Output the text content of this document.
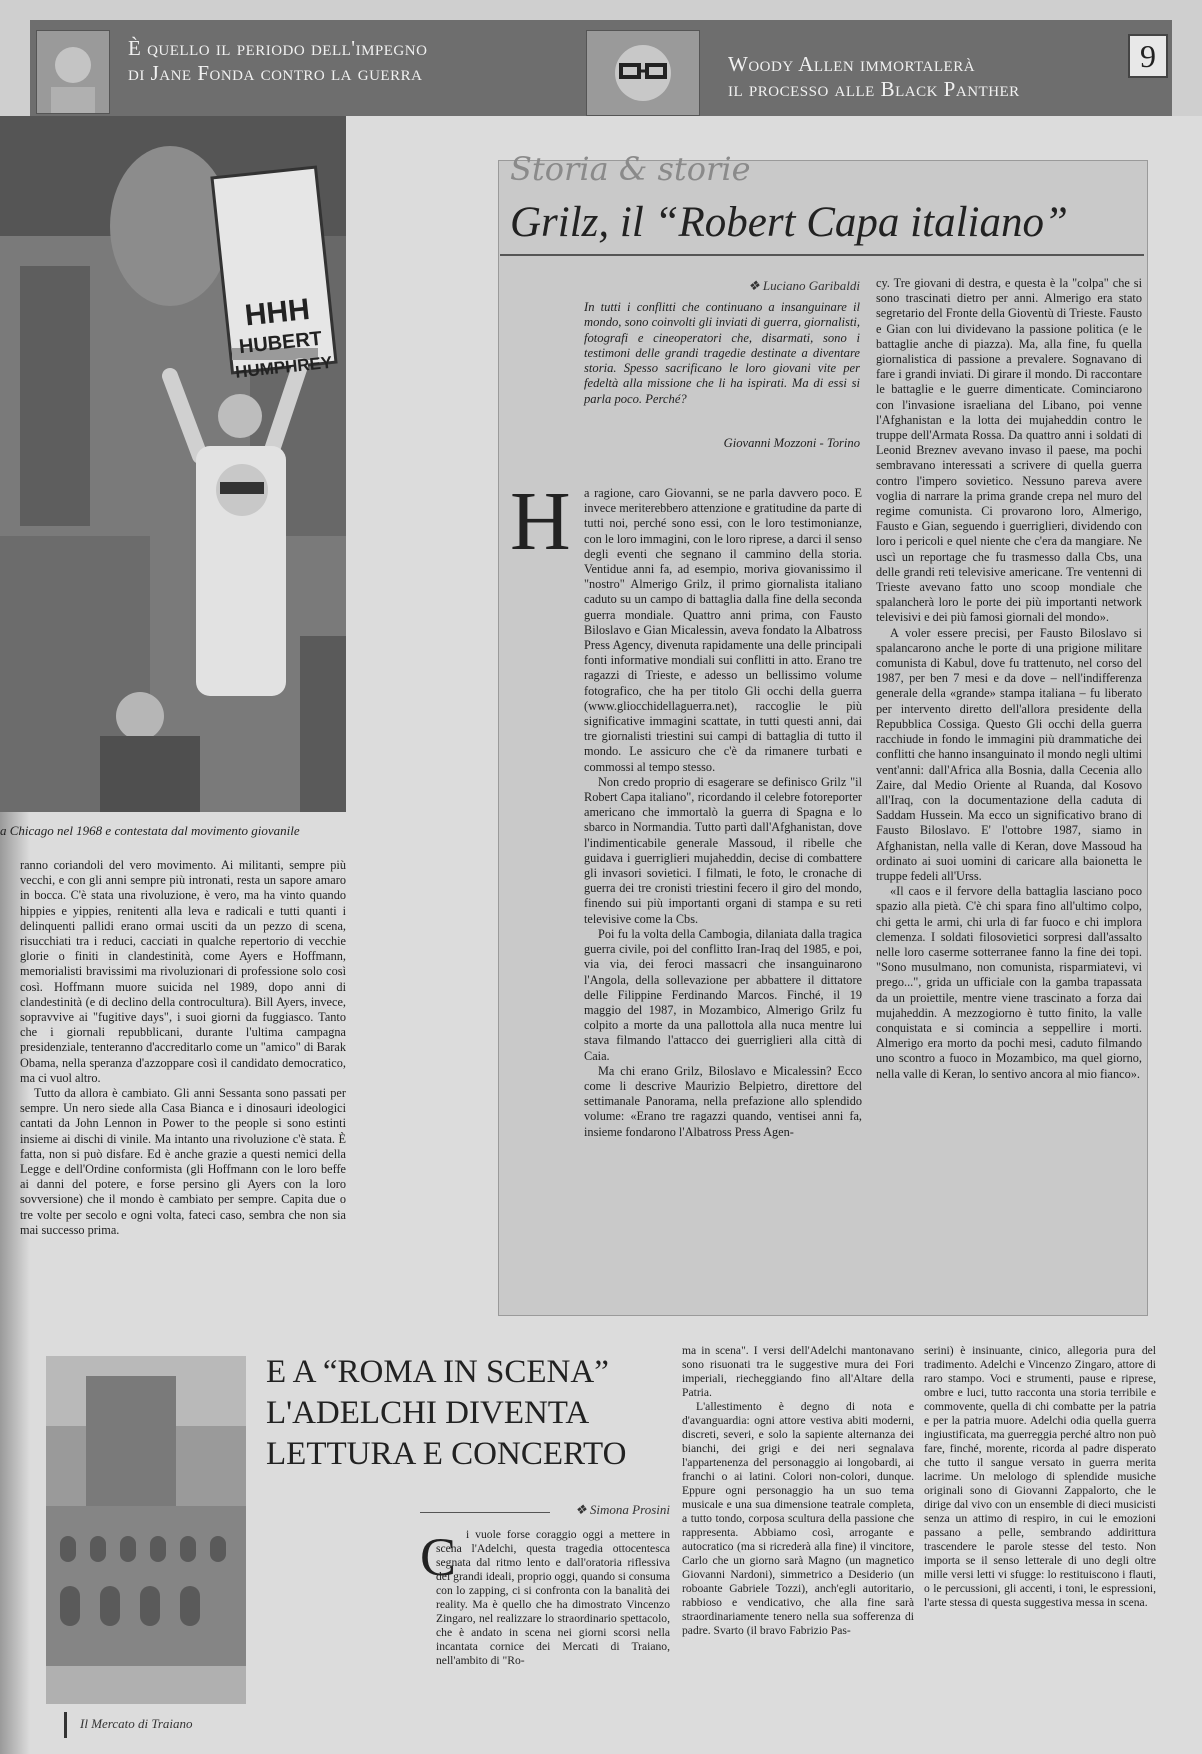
È quello il periodo dell'impegno
di Jane Fonda contro la guerra	Woody Allen immortalerà
il processo alle Black Panther
9
HHH
HUBERT
HUMPHREY
a Chicago nel 1968 e contestata dal movimento giovanile

ranno coriandoli del vero movimento. Ai militanti, sempre più vecchi, e con gli anni sempre più intronati, resta un sapore amaro in bocca. C'è stata una rivoluzione, è vero, ma ha vinto quando hippies e yippies, renitenti alla leva e radicali e tutti quanti i delinquenti pallidi erano ormai usciti da un pezzo di scena, risucchiati tra i reduci, cacciati in qualche repertorio di vecchie glorie o finiti in clandestinità, come Ayers e Hoffmann, memorialisti bravissimi ma rivoluzionari di professione solo così così. Hoffmann muore suicida nel 1989, dopo anni di clandestinità (e di declino della controcultura). Bill Ayers, invece, sopravvive ai "fugitive days", i suoi giorni da fuggiasco. Tanto che i giornali repubblicani, durante l'ultima campagna presidenziale, tenteranno d'accreditarlo come un "amico" di Barak Obama, nella speranza d'azzoppare così il candidato democratico, ma ci vuol altro.

Tutto da allora è cambiato. Gli anni Sessanta sono passati per sempre. Un nero siede alla Casa Bianca e i dinosauri ideologici cantati da John Lennon in Power to the people si sono estinti insieme ai dischi di vinile. Ma intanto una rivoluzione c'è stata. È fatta, non si può disfare. Ed è anche grazie a questi nemici della Legge e dell'Ordine conformista (gli Hoffmann con le loro beffe ai danni del potere, e forse persino gli Ayers con la loro sovversione) che il mondo è cambiato per sempre. Capita due o tre volte per secolo e ogni volta, fateci caso, sembra che non sia mai successo prima.

Storia & storie
Grilz, il “Robert Capa italiano”
❖ Luciano Garibaldi
In tutti i conflitti che continuano a insanguinare il mondo, sono coinvolti gli inviati di guerra, giornalisti, fotografi e cineoperatori che, disarmati, sono i testimoni delle grandi tragedie destinate a diventare storia. Spesso sacrificano le loro giovani vite per fedeltà alla missione che li ha ispirati. Ma di essi si parla poco. Perché?
Giovanni Mozzoni - Torino
H a ragione, caro Giovanni, se ne parla davvero poco. E invece meriterebbero attenzione e gratitudine da parte di tutti noi, perché sono essi, con le loro testimonianze, con le loro immagini, con le loro riprese, a darci il senso degli eventi che segnano il cammino della storia. Ventidue anni fa, ad esempio, moriva giovanissimo il "nostro" Almerigo Grilz, il primo giornalista italiano caduto su un campo di battaglia dalla fine della seconda guerra mondiale. Quattro anni prima, con Fausto Biloslavo e Gian Micalessin, aveva fondato la Albatross Press Agency, divenuta rapidamente una delle principali fonti informative mondiali sui conflitti in atto. Erano tre ragazzi di Trieste, e adesso un bellissimo volume fotografico, che ha per titolo Gli occhi della guerra (www.gliocchidellaguerra.net), raccoglie le più significative immagini scattate, in tutti questi anni, dai tre giornalisti triestini sui campi di battaglia di tutto il mondo. Le assicuro che c'è da rimanere turbati e commossi al tempo stesso.

Non credo proprio di esagerare se definisco Grilz "il Robert Capa italiano", ricordando il celebre fotoreporter americano che immortalò la guerra di Spagna e lo sbarco in Normandia. Tutto partì dall'Afghanistan, dove l'indimenticabile generale Massoud, il ribelle che guidava i guerriglieri mujaheddin, decise di combattere gli invasori sovietici. I filmati, le foto, le cronache di guerra dei tre cronisti triestini fecero il giro del mondo, finendo sui più importanti organi di stampa e su reti televisive come la Cbs.

Poi fu la volta della Cambogia, dilaniata dalla tragica guerra civile, poi del conflitto Iran-Iraq del 1985, e poi, via via, dei feroci massacri che insanguinarono l'Angola, della sollevazione per abbattere il dittatore delle Filippine Ferdinando Marcos. Finché, il 19 maggio del 1987, in Mozambico, Almerigo Grilz fu colpito a morte da una pallottola alla nuca mentre lui stava filmando l'attacco dei guerriglieri alla città di Caia.

Ma chi erano Grilz, Biloslavo e Micalessin? Ecco come li descrive Maurizio Belpietro, direttore del settimanale Panorama, nella prefazione allo splendido volume: «Erano tre ragazzi quando, ventisei anni fa, insieme fondarono l'Albatross Press Agen-

cy. Tre giovani di destra, e questa è la "colpa" che si sono trascinati dietro per anni. Almerigo era stato segretario del Fronte della Gioventù di Trieste. Fausto e Gian con lui dividevano la passione politica (e le battaglie anche di piazza). Ma, alla fine, fu quella giornalistica di passione a prevalere. Sognavano di fare i grandi inviati. Di girare il mondo. Di raccontare le battaglie e le guerre dimenticate. Cominciarono con l'invasione israeliana del Libano, poi venne l'Afghanistan e la lotta dei mujaheddin contro le truppe dell'Armata Rossa. Da quattro anni i soldati di Leonid Breznev avevano invaso il paese, ma pochi sembravano interessati a scrivere di quella guerra contro l'impero sovietico. Nessuno pareva avere voglia di narrare la prima grande crepa nel muro del regime comunista. Ci provarono loro, Almerigo, Fausto e Gian, seguendo i guerriglieri, dividendo con loro i pericoli e quel niente che c'era da mangiare. Ne uscì un reportage che fu trasmesso dalla Cbs, una delle grandi reti televisive americane. Tre ventenni di Trieste avevano fatto uno scoop mondiale che spalancherà loro le porte dei più importanti network televisivi e dei più famosi giornali del mondo».

A voler essere precisi, per Fausto Biloslavo si spalancarono anche le porte di una prigione militare comunista di Kabul, dove fu trattenuto, nel corso del 1987, per ben 7 mesi e da dove – nell'indifferenza generale della «grande» stampa italiana – fu liberato per intervento diretto dell'allora presidente della Repubblica Cossiga. Questo Gli occhi della guerra racchiude in fondo le immagini più drammatiche dei conflitti che hanno insanguinato il mondo negli ultimi vent'anni: dall'Africa alla Bosnia, dalla Cecenia allo Zaire, dal Medio Oriente al Ruanda, dal Kosovo all'Iraq, con la documentazione della caduta di Saddam Hussein. Ma ecco un significativo brano di Fausto Biloslavo. E' l'ottobre 1987, siamo in Afghanistan, nella valle di Keran, dove Massoud ha ordinato ai suoi uomini di caricare alla baionetta le truppe fedeli all'Urss.

«Il caos e il fervore della battaglia lasciano poco spazio alla pietà. C'è chi spara fino all'ultimo colpo, chi getta le armi, chi urla di far fuoco e chi implora clemenza. I soldati filosovietici sorpresi dall'assalto nelle loro caserme sotterranee fanno la fine dei topi. "Sono musulmano, non comunista, risparmiatevi, vi prego...", grida un ufficiale con la gamba trapassata da un proiettile, mentre viene trascinato a forza dai mujaheddin. A mezzogiorno è tutto finito, la valle conquistata e si comincia a seppellire i morti. Almerigo era morto da pochi mesi, caduto filmando uno scontro a fuoco in Mozambico, ma quel giorno, nella valle di Keran, lo sentivo ancora al mio fianco».

Il Mercato di Traiano
E A “ROMA IN SCENA”
L'ADELCHI DIVENTA
LETTURA E CONCERTO
❖ Simona Prosini
C i vuole forse coraggio oggi a mettere in scena l'Adelchi, questa tragedia ottocentesca segnata dal ritmo lento e dall'oratoria riflessiva dei grandi ideali, proprio oggi, quando si consuma con lo zapping, ci si confronta con la banalità dei reality. Ma è quello che ha dimostrato Vincenzo Zingaro, nel realizzare lo straordinario spettacolo, che è andato in scena nei giorni scorsi nella incantata cornice dei Mercati di Traiano, nell'ambito di "Ro-

ma in scena". I versi dell'Adelchi mantonavano sono risuonati tra le suggestive mura dei Fori imperiali, riecheggiando fino all'Altare della Patria.

L'allestimento è degno di nota e d'avanguardia: ogni attore vestiva abiti moderni, discreti, severi, e solo la sapiente alternanza dei bianchi, dei grigi e dei neri segnalava l'appartenenza del personaggio ai longobardi, ai franchi o ai latini. Colori non-colori, dunque. Eppure ogni personaggio ha un suo tema musicale e una sua dimensione teatrale completa, a tutto tondo, corposa scultura della passione che rappresenta. Abbiamo così, arrogante e autocratico (ma si ricrederà alla fine) il vincitore, Carlo che un giorno sarà Magno (un magnetico Giovanni Nardoni), simmetrico a Desiderio (un roboante Gabriele Tozzi), anch'egli autoritario, rabbioso e vendicativo, che alla fine sarà straordinariamente tenero nella sua sofferenza di padre. Svarto (il bravo Fabrizio Pas-

serini) è insinuante, cinico, allegoria pura del tradimento. Adelchi e Vincenzo Zingaro, attore di raro stampo. Voci e strumenti, pause e riprese, ombre e luci, tutto racconta una storia terribile e commovente, quella di chi combatte per la patria e per la patria muore. Adelchi odia quella guerra ingiustificata, ma guerreggia perché altro non può fare, finché, morente, ricorda al padre disperato che tutto il sangue versato in guerra merita lacrime. Un melologo di splendide musiche originali sono di Giovanni Zappalorto, che le dirige dal vivo con un ensemble di dieci musicisti senza un attimo di respiro, in cui le emozioni passano a pelle, sembrando addirittura trascendere le parole stesse del testo. Non importa se il senso letterale di uno degli oltre mille versi letti vi sfugge: lo restituiscono i flauti, o le percussioni, gli accenti, i toni, le espressioni, l'arte stessa di questa suggestiva messa in scena.
